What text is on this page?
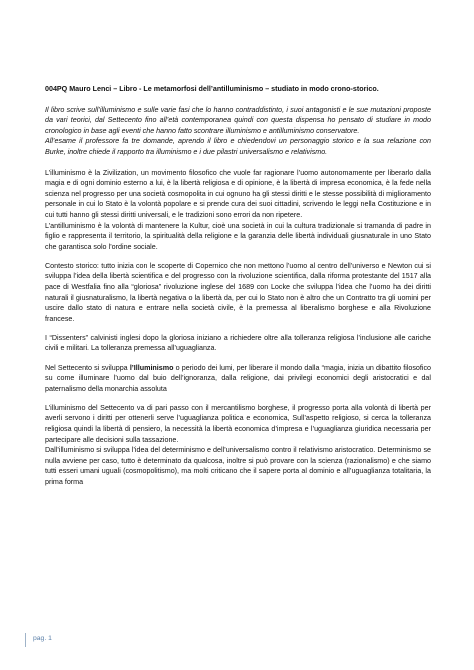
004PQ Mauro Lenci – Libro - Le metamorfosi dell’antilluminismo – studiato in modo crono-storico.

Il libro scrive sull’illuminismo e sulle varie fasi che lo hanno contraddistinto, i suoi antagonisti e le sue mutazioni proposte da vari teorici, dal Settecento fino all’età contemporanea quindi con questa dispensa ho pensato di studiare in modo cronologico in base agli eventi che hanno fatto scontrare illuminismo e antilluminismo conservatore.

All’esame il professore fa tre domande, aprendo il libro e chiedendovi un personaggio storico e la sua relazione con Burke, inoltre chiede il rapporto tra illuminismo e i due pilastri universalismo e relativismo.

L’illuminismo è la Zivilization, un movimento filosofico che vuole far ragionare l’uomo autonomamente per liberarlo dalla magia e di ogni dominio esterno a lui, è la libertà religiosa e di opinione, è la libertà di impresa economica, è la fede nella scienza nel progresso per una società cosmopolita in cui ognuno ha gli stessi diritti e le stesse possibilità di miglioramento personale in cui lo Stato è la volontà popolare e si prende cura dei suoi cittadini, scrivendo le leggi nella Costituzione e in cui tutti hanno gli stessi diritti universali, e le tradizioni sono errori da non ripetere.

L’antilluminismo è la volontà di mantenere la Kultur, cioè una società in cui la cultura tradizionale si tramanda di padre in figlio e rappresenta il territorio, la spiritualità della religione e la garanzia delle libertà individuali giusnaturale in uno Stato che garantisca solo l’ordine sociale.

Contesto storico: tutto inizia con le scoperte di Copernico che non mettono l’uomo al centro dell’universo e Newton cui si sviluppa l’idea della libertà scientifica e del progresso con la rivoluzione scientifica, dalla riforma protestante del 1517 alla pace di Westfalia fino alla “gloriosa” rivoluzione inglese del 1689 con Locke che sviluppa l’idea che l’uomo ha dei diritti naturali il giusnaturalismo, la libertà negativa o la libertà da, per cui lo Stato non è altro che un Contratto tra gli uomini per uscire dallo stato di natura e entrare nella società civile, è la premessa al liberalismo borghese e alla Rivoluzione francese.

I “Dissenters” calvinisti inglesi dopo la gloriosa iniziano a richiedere oltre alla tolleranza religiosa l’inclusione alle cariche civili e militari. La tolleranza premessa all’uguaglianza.

Nel Settecento si sviluppa l’Illuminismo o periodo dei lumi, per liberare il mondo dalla “magia, inizia un dibattito filosofico su come illuminare l’uomo dal buio dell’ignoranza, dalla religione, dai privilegi economici degli aristocratici e dal paternalismo della monarchia assoluta

L’illuminismo del Settecento va di pari passo con il mercantilismo borghese, il progresso porta alla volontà di libertà per averli servono i diritti per ottenerli serve l’uguaglianza politica e economica, Sull’aspetto religioso, si cerca la tolleranza religiosa quindi la libertà di pensiero, la necessità la libertà economica d’impresa e l’uguaglianza giuridica necessaria per partecipare alle decisioni sulla tassazione.

Dall’illuminismo si sviluppa l’idea del determinismo e dell’universalismo contro il relativismo aristocratico. Determinismo se nulla avviene per caso, tutto è determinato da qualcosa, inoltre si può provare con la scienza (razionalismo) e che siamo tutti esseri umani uguali (cosmopolitismo), ma molti criticano che il sapere porta al dominio e all’uguaglianza totalitaria, la prima forma

pag. 1
